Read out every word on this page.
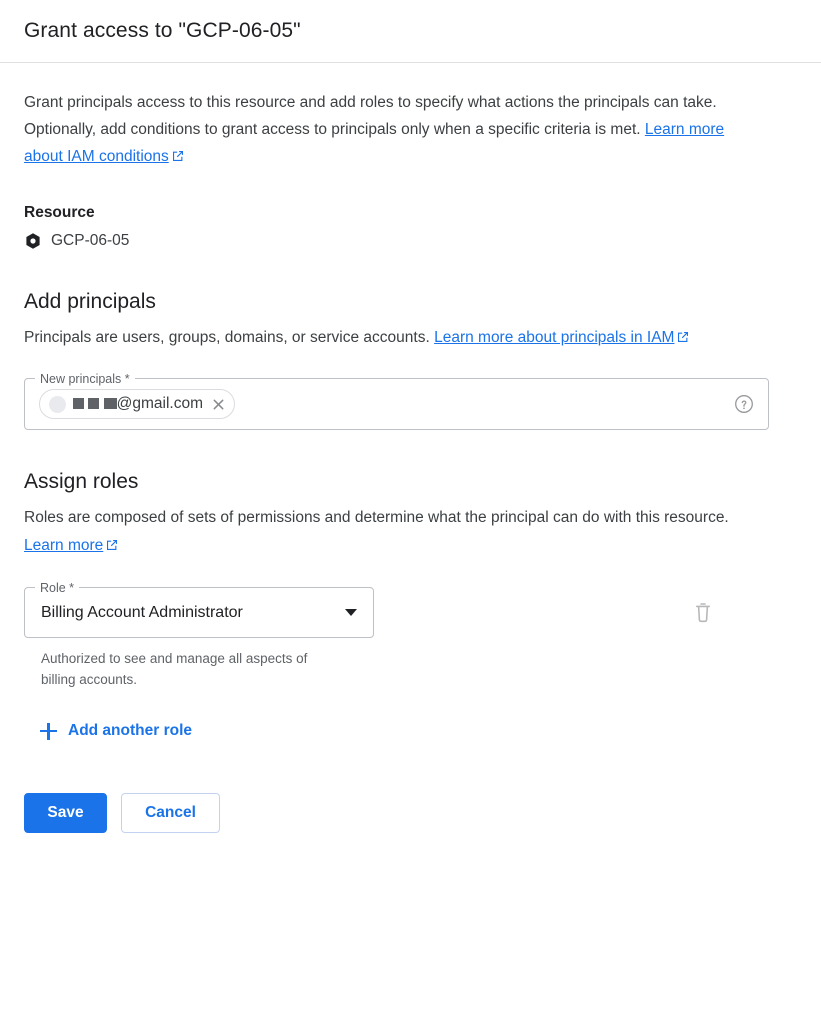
Grant access to "GCP-06-05"

Grant principals access to this resource and add roles to specify what actions the principals can take. Optionally, add conditions to grant access to principals only when a specific criteria is met. Learn more about IAM conditions

Resource
GCP-06-05
Add principals

Principals are users, groups, domains, or service accounts. Learn more about principals in IAM

New principals *
@gmail.com
Assign roles

Roles are composed of sets of permissions and determine what the principal can do with this resource. Learn more

Role *
Billing Account Administrator
Authorized to see and manage all aspects of billing accounts.
Add another role
Save	Cancel
